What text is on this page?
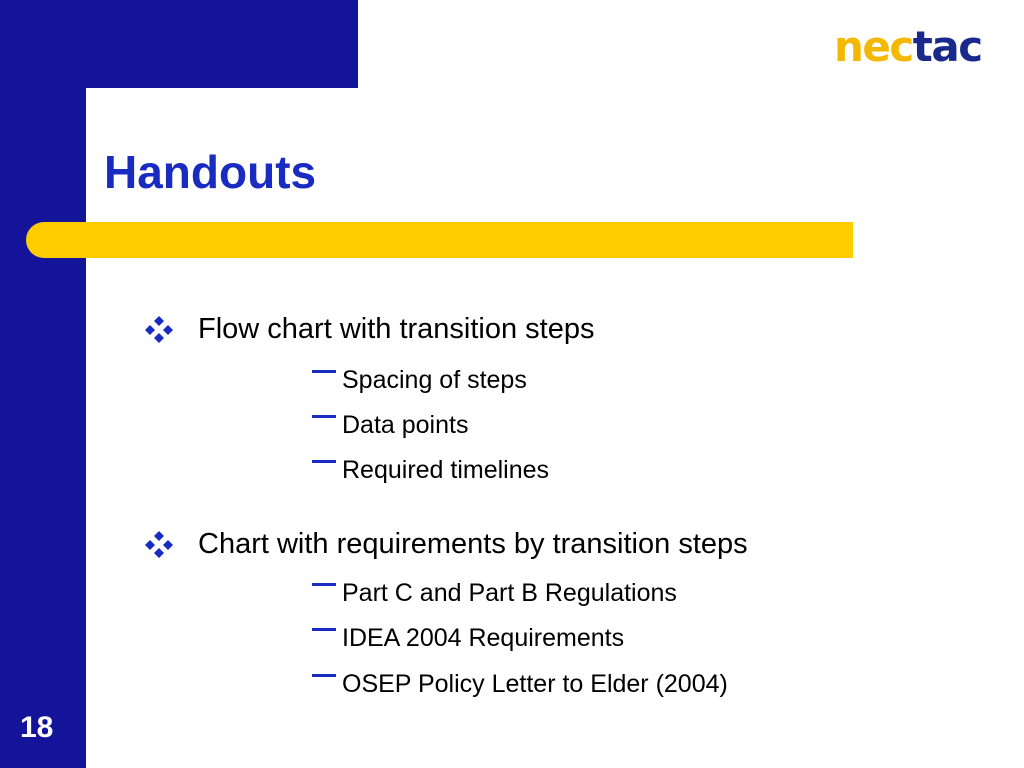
nectac
Handouts
Flow chart with transition steps
Spacing of steps
Data points
Required timelines
Chart with requirements by transition steps
Part C and Part B Regulations
IDEA 2004 Requirements
OSEP Policy Letter to Elder (2004)
18
